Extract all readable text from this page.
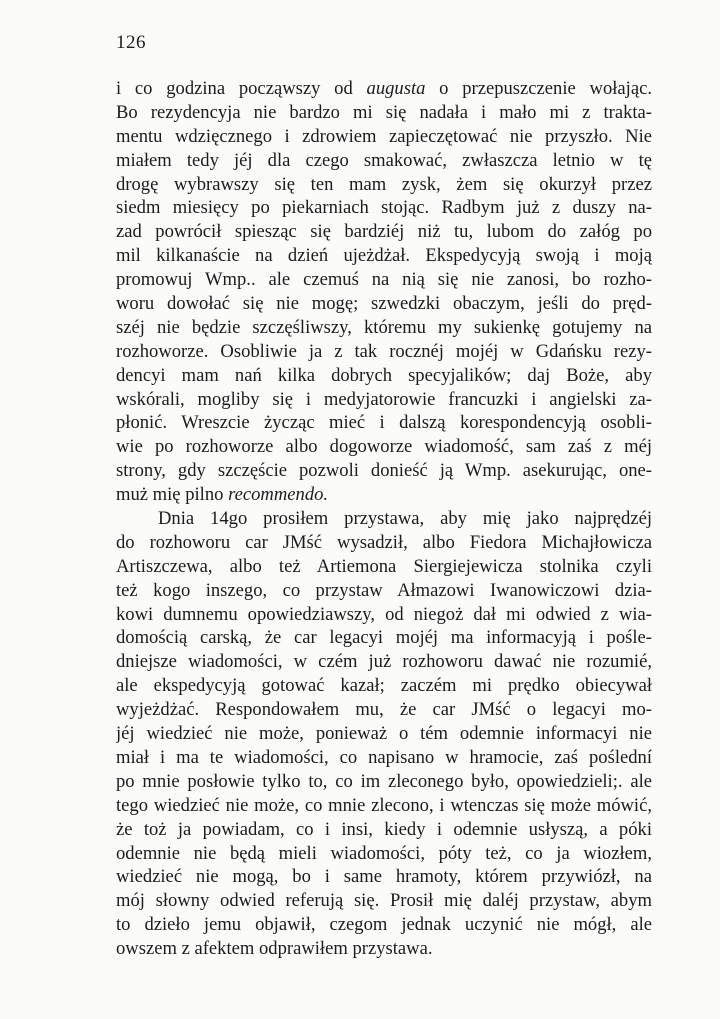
126
i co godzina począwszy od augusta o przepuszczenie wołając.
Bo rezydencyja nie bardzo mi się nadała i mało mi z trakta-
mentu wdzięcznego i zdrowiem zapieczętować nie przyszło. Nie
miałem tedy jéj dla czego smakować, zwłaszcza letnio w tę
drogę wybrawszy się ten mam zysk, żem się okurzył przez
siedm miesięcy po piekarniach stojąc. Radbym już z duszy na-
zad powrócił spiesząc się bardziéj niż tu, lubom do załóg po
mil kilkanaście na dzień ujeżdżał. Ekspedycyją swoją i moją
promowuj Wmp.. ale czemuś na nią się nie zanosi, bo rozho-
woru dowołać się nie mogę; szwedzki obaczym, jeśli do pręd-
széj nie będzie szczęśliwszy, któremu my sukienkę gotujemy na
rozhoworze. Osobliwie ja z tak rocznéj mojéj w Gdańsku rezy-
dencyi mam nań kilka dobrych specyjalików; daj Boże, aby
wskórali, mogliby się i medyjatorowie francuzki i angielski za-
płonić. Wreszcie życząc mieć i dalszą korespondencyją osobli-
wie po rozhoworze albo dogoworze wiadomość, sam zaś z méj
strony, gdy szczęście pozwoli donieść ją Wmp. asekurując, one-
muż mię pilno recommendo.
Dnia 14go prosiłem przystawa, aby mię jako najprędzéj
do rozhoworu car JMść wysadził, albo Fiedora Michajłowicza
Artiszczewa, albo też Artiemona Siergiejewicza stolnika czyli
też kogo inszego, co przystaw Ałmazowi Iwanowiczowi dzia-
kowi dumnemu opowiedziawszy, od niegoż dał mi odwied z wia-
domością carską, że car legacyi mojéj ma informacyją i pośle-
dniejsze wiadomości, w czém już rozhoworu dawać nie rozumié,
ale ekspedycyją gotować kazał; zaczém mi prędko obiecywał
wyjeżdżać. Respondowałem mu, że car JMść o legacyi mo-
jéj wiedzieć nie może, ponieważ o tém odemnie informacyi nie
miał i ma te wiadomości, co napisano w hramocie, zaś poślední
po mnie posłowie tylko to, co im zleconego było, opowiedzieli;. ale
tego wiedzieć nie może, co mnie zlecono, i wtenczas się może mówić,
że toż ja powiadam, co i insi, kiedy i odemnie usłyszą, a póki
odemnie nie będą mieli wiadomości, póty też, co ja wiozłem,
wiedzieć nie mogą, bo i same hramoty, którem przywiózł, na
mój słowny odwied referują się. Prosił mię daléj przystaw, abym
to dzieło jemu objawił, czegom jednak uczynić nie mógł, ale
owszem z afektem odprawiłem przystawa.
